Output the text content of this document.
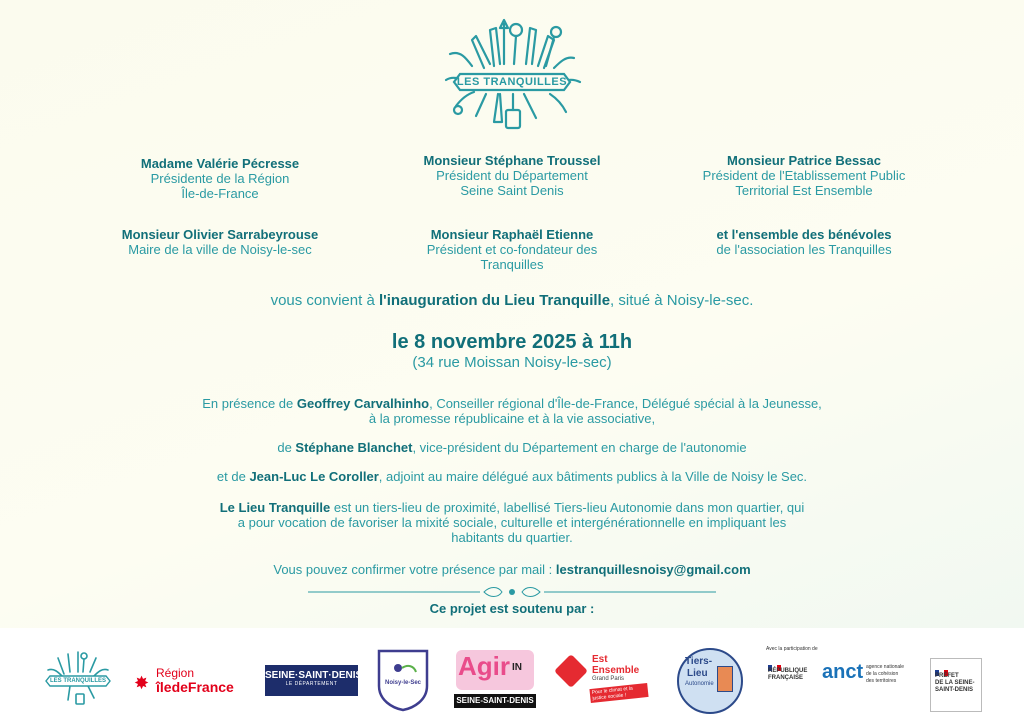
LES TRANQUILLES
Madame Valérie Pécresse
Présidente de la Région
Île-de-France
Monsieur Stéphane Troussel
Président du Département
Seine Saint Denis
Monsieur Patrice Bessac
Président de l'Etablissement Public
Territorial Est Ensemble
Monsieur Olivier Sarrabeyrouse
Maire de la ville de Noisy-le-sec
Monsieur Raphaël Etienne
Président et co-fondateur des
Tranquilles
et l'ensemble des bénévoles
de l'association les Tranquilles
vous convient à l'inauguration du Lieu Tranquille, situé à Noisy-le-sec.
le 8 novembre 2025 à 11h
(34 rue Moissan Noisy-le-sec)

En présence de Geoffrey Carvalhinho, Conseiller régional d'Île-de-France, Délégué spécial à la Jeunesse,
à la promesse républicaine et à la vie associative,

de Stéphane Blanchet, vice-président du Département en charge de l'autonomie

et de Jean-Luc Le Coroller, adjoint au maire délégué aux bâtiments publics à la Ville de Noisy le Sec.

Le Lieu Tranquille est un tiers-lieu de proximité, labellisé Tiers-lieu Autonomie dans mon quartier, qui
a pour vocation de favoriser la mixité sociale, culturelle et intergénérationnelle en impliquant les
habitants du quartier.

Vous pouvez confirmer votre présence par mail : lestranquillesnoisy@gmail.com
Ce projet est soutenu par :
LES TRANQUILLES	✸ Région
îledeFrance
SEINE·SAINT·DENIS
LE DÉPARTEMENT	Noisy-le-Sec
Agir IN
SEINE-SAINT-DENIS
Est
Ensemble
Grand Paris
Pour le climat et la justice sociale !
Tiers-
Lieu
Autonomie
Avec la participation de
RÉPUBLIQUE
FRANÇAISE anct agence nationale
de la cohésion
des territoires
PRÉFET
DE LA SEINE-
SAINT-DENIS
